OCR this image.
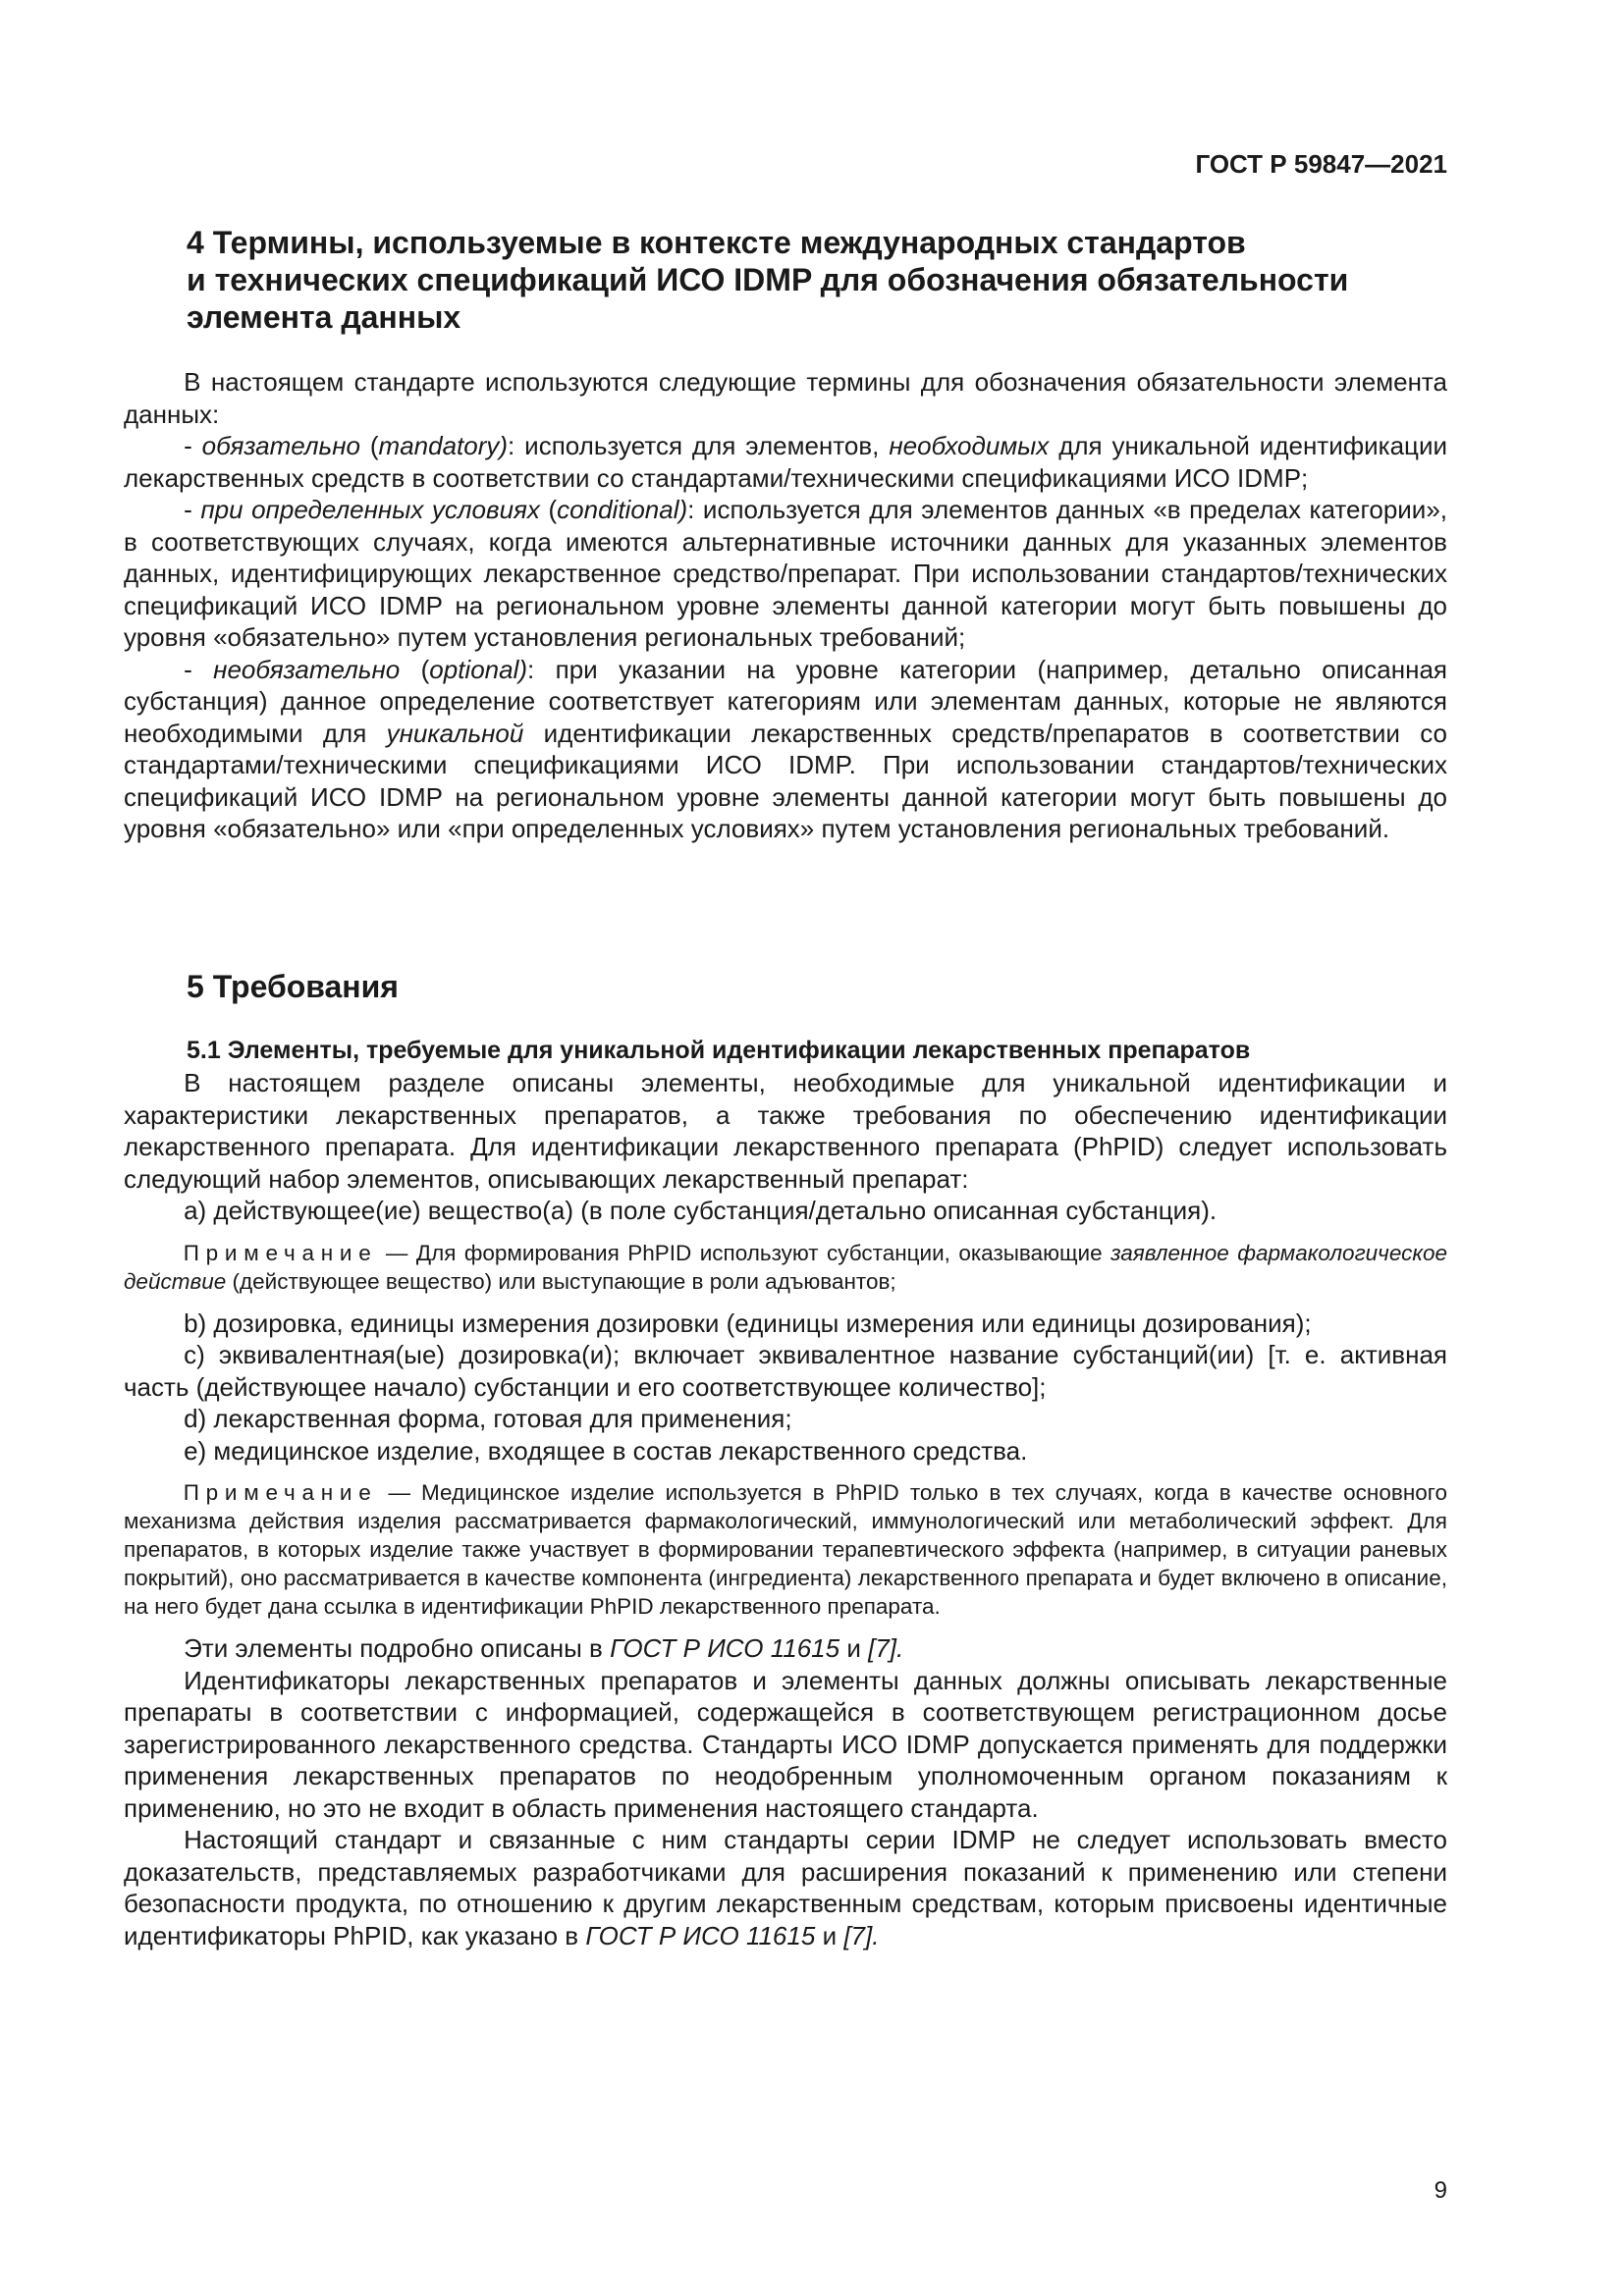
ГОСТ Р 59847—2021
4 Термины, используемые в контексте международных стандартов
и технических спецификаций ИСО IDMP для обозначения обязательности
элемента данных

В настоящем стандарте используются следующие термины для обозначения обязательности элемента данных:

- обязательно (mandatory): используется для элементов, необходимых для уникальной идентификации лекарственных средств в соответствии со стандартами/техническими спецификациями ИСО IDMP;

- при определенных условиях (conditional): используется для элементов данных «в пределах категории», в соответствующих случаях, когда имеются альтернативные источники данных для указанных элементов данных, идентифицирующих лекарственное средство/препарат. При использовании стандартов/технических спецификаций ИСО IDMP на региональном уровне элементы данной категории могут быть повышены до уровня «обязательно» путем установления региональных требований;

- необязательно (optional): при указании на уровне категории (например, детально описанная субстанция) данное определение соответствует категориям или элементам данных, которые не являются необходимыми для уникальной идентификации лекарственных средств/препаратов в соответствии со стандартами/техническими спецификациями ИСО IDMP. При использовании стандартов/технических спецификаций ИСО IDMP на региональном уровне элементы данной категории могут быть повышены до уровня «обязательно» или «при определенных условиях» путем установления региональных требований.

5 Требования
5.1 Элементы, требуемые для уникальной идентификации лекарственных препаратов

В настоящем разделе описаны элементы, необходимые для уникальной идентификации и характеристики лекарственных препаратов, а также требования по обеспечению идентификации лекарственного препарата. Для идентификации лекарственного препарата (PhPID) следует использовать следующий набор элементов, описывающих лекарственный препарат:

a) действующее(ие) вещество(а) (в поле субстанция/детально описанная субстанция).

Примечание — Для формирования PhPID используют субстанции, оказывающие заявленное фармакологическое действие (действующее вещество) или выступающие в роли адъювантов;

b) дозировка, единицы измерения дозировки (единицы измерения или единицы дозирования);

c) эквивалентная(ые) дозировка(и); включает эквивалентное название субстанций(ии) [т. е. активная часть (действующее начало) субстанции и его соответствующее количество];

d) лекарственная форма, готовая для применения;

e) медицинское изделие, входящее в состав лекарственного средства.

Примечание — Медицинское изделие используется в PhPID только в тех случаях, когда в качестве основного механизма действия изделия рассматривается фармакологический, иммунологический или метаболический эффект. Для препаратов, в которых изделие также участвует в формировании терапевтического эффекта (например, в ситуации раневых покрытий), оно рассматривается в качестве компонента (ингредиента) лекарственного препарата и будет включено в описание, на него будет дана ссылка в идентификации PhPID лекарственного препарата.

Эти элементы подробно описаны в ГОСТ Р ИСО 11615 и [7].

Идентификаторы лекарственных препаратов и элементы данных должны описывать лекарственные препараты в соответствии с информацией, содержащейся в соответствующем регистрационном досье зарегистрированного лекарственного средства. Стандарты ИСО IDMP допускается применять для поддержки применения лекарственных препаратов по неодобренным уполномоченным органом показаниям к применению, но это не входит в область применения настоящего стандарта.

Настоящий стандарт и связанные с ним стандарты серии IDMP не следует использовать вместо доказательств, представляемых разработчиками для расширения показаний к применению или степени безопасности продукта, по отношению к другим лекарственным средствам, которым присвоены идентичные идентификаторы PhPID, как указано в ГОСТ Р ИСО 11615 и [7].

9
